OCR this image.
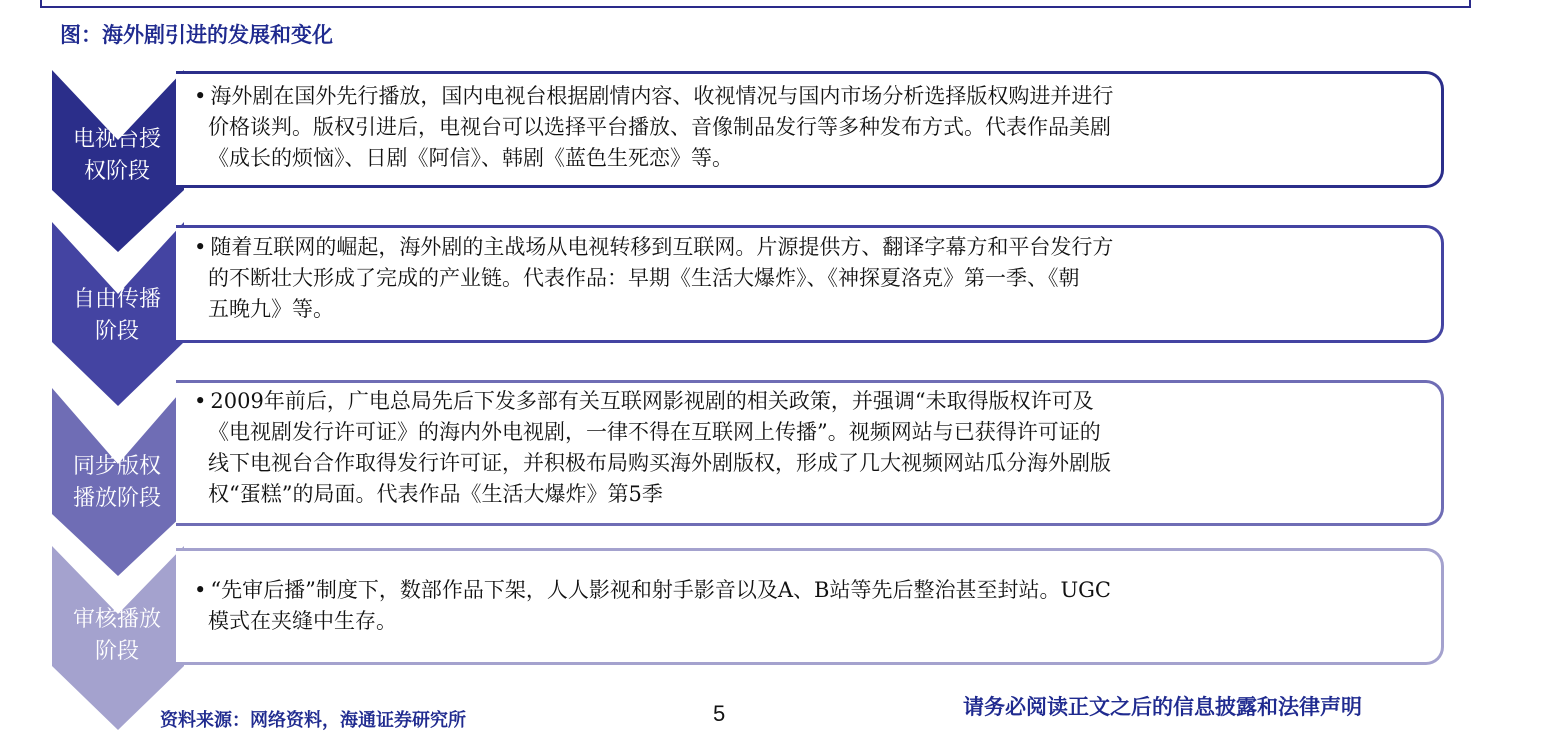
图：海外剧引进的发展和变化
电视台授
权阶段

• 海外剧在国外先行播放，国内电视台根据剧情内容、收视情况与国内市场分析选择版权购进并进行

价格谈判。版权引进后，电视台可以选择平台播放、音像制品发行等多种发布方式。代表作品美剧

《成长的烦恼》、日剧《阿信》、韩剧《蓝色生死恋》等。

自由传播
阶段

• 随着互联网的崛起，海外剧的主战场从电视转移到互联网。片源提供方、翻译字幕方和平台发行方

的不断壮大形成了完成的产业链。代表作品：早期《生活大爆炸》、《神探夏洛克》第一季、《朝

五晚九》等。

同步版权
播放阶段

• 2009年前后，广电总局先后下发多部有关互联网影视剧的相关政策，并强调“未取得版权许可及

《电视剧发行许可证》的海内外电视剧，一律不得在互联网上传播”。视频网站与已获得许可证的

线下电视台合作取得发行许可证，并积极布局购买海外剧版权，形成了几大视频网站瓜分海外剧版

权“蛋糕”的局面。代表作品《生活大爆炸》第5季

审核播放
阶段

• “先审后播”制度下，数部作品下架，人人影视和射手影音以及A、B站等先后整治甚至封站。UGC

模式在夹缝中生存。

资料来源：网络资料，海通证券研究所	5	请务必阅读正文之后的信息披露和法律声明
